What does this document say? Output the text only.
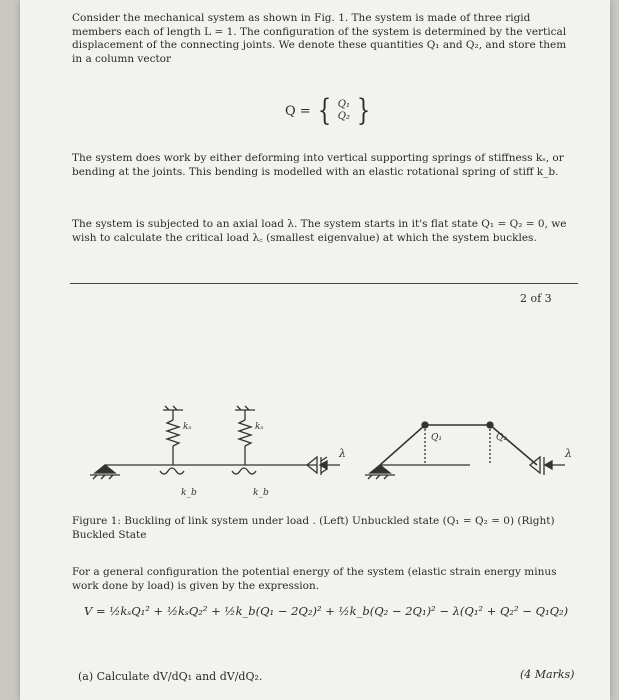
Consider the mechanical system as shown in Fig. 1. The system is made of three rigid members each of length L = 1. The configuration of the system is determined by the vertical displacement of the connecting joints. We denote these quantities Q₁ and Q₂, and store them in a column vector

Q = { Q₁
Q₂ }

The system does work by either deforming into vertical supporting springs of stiffness kₛ, or bending at the joints. This bending is modelled with an elastic rotational spring of stiff k_b.

The system is subjected to an axial load λ. The system starts in it's flat state Q₁ = Q₂ = 0, we wish to calculate the critical load λ꜀ (smallest eigenvalue) at which the system buckles.

2 of 3
kₛ	kₛ
k_b	k_b
λ	λ
Q₁	Q₂

Figure 1: Buckling of link system under load . (Left) Unbuckled state (Q₁ = Q₂ = 0) (Right) Buckled State

For a general configuration the potential energy of the system (elastic strain energy minus work done by load) is given by the expression.

V = ½kₛQ₁² + ½kₛQ₂² + ½k_b(Q₁ − 2Q₂)² + ½k_b(Q₂ − 2Q₁)² − λ(Q₁² + Q₂² − Q₁Q₂)
(a) Calculate dV/dQ₁ and dV/dQ₂.	(4 Marks)
